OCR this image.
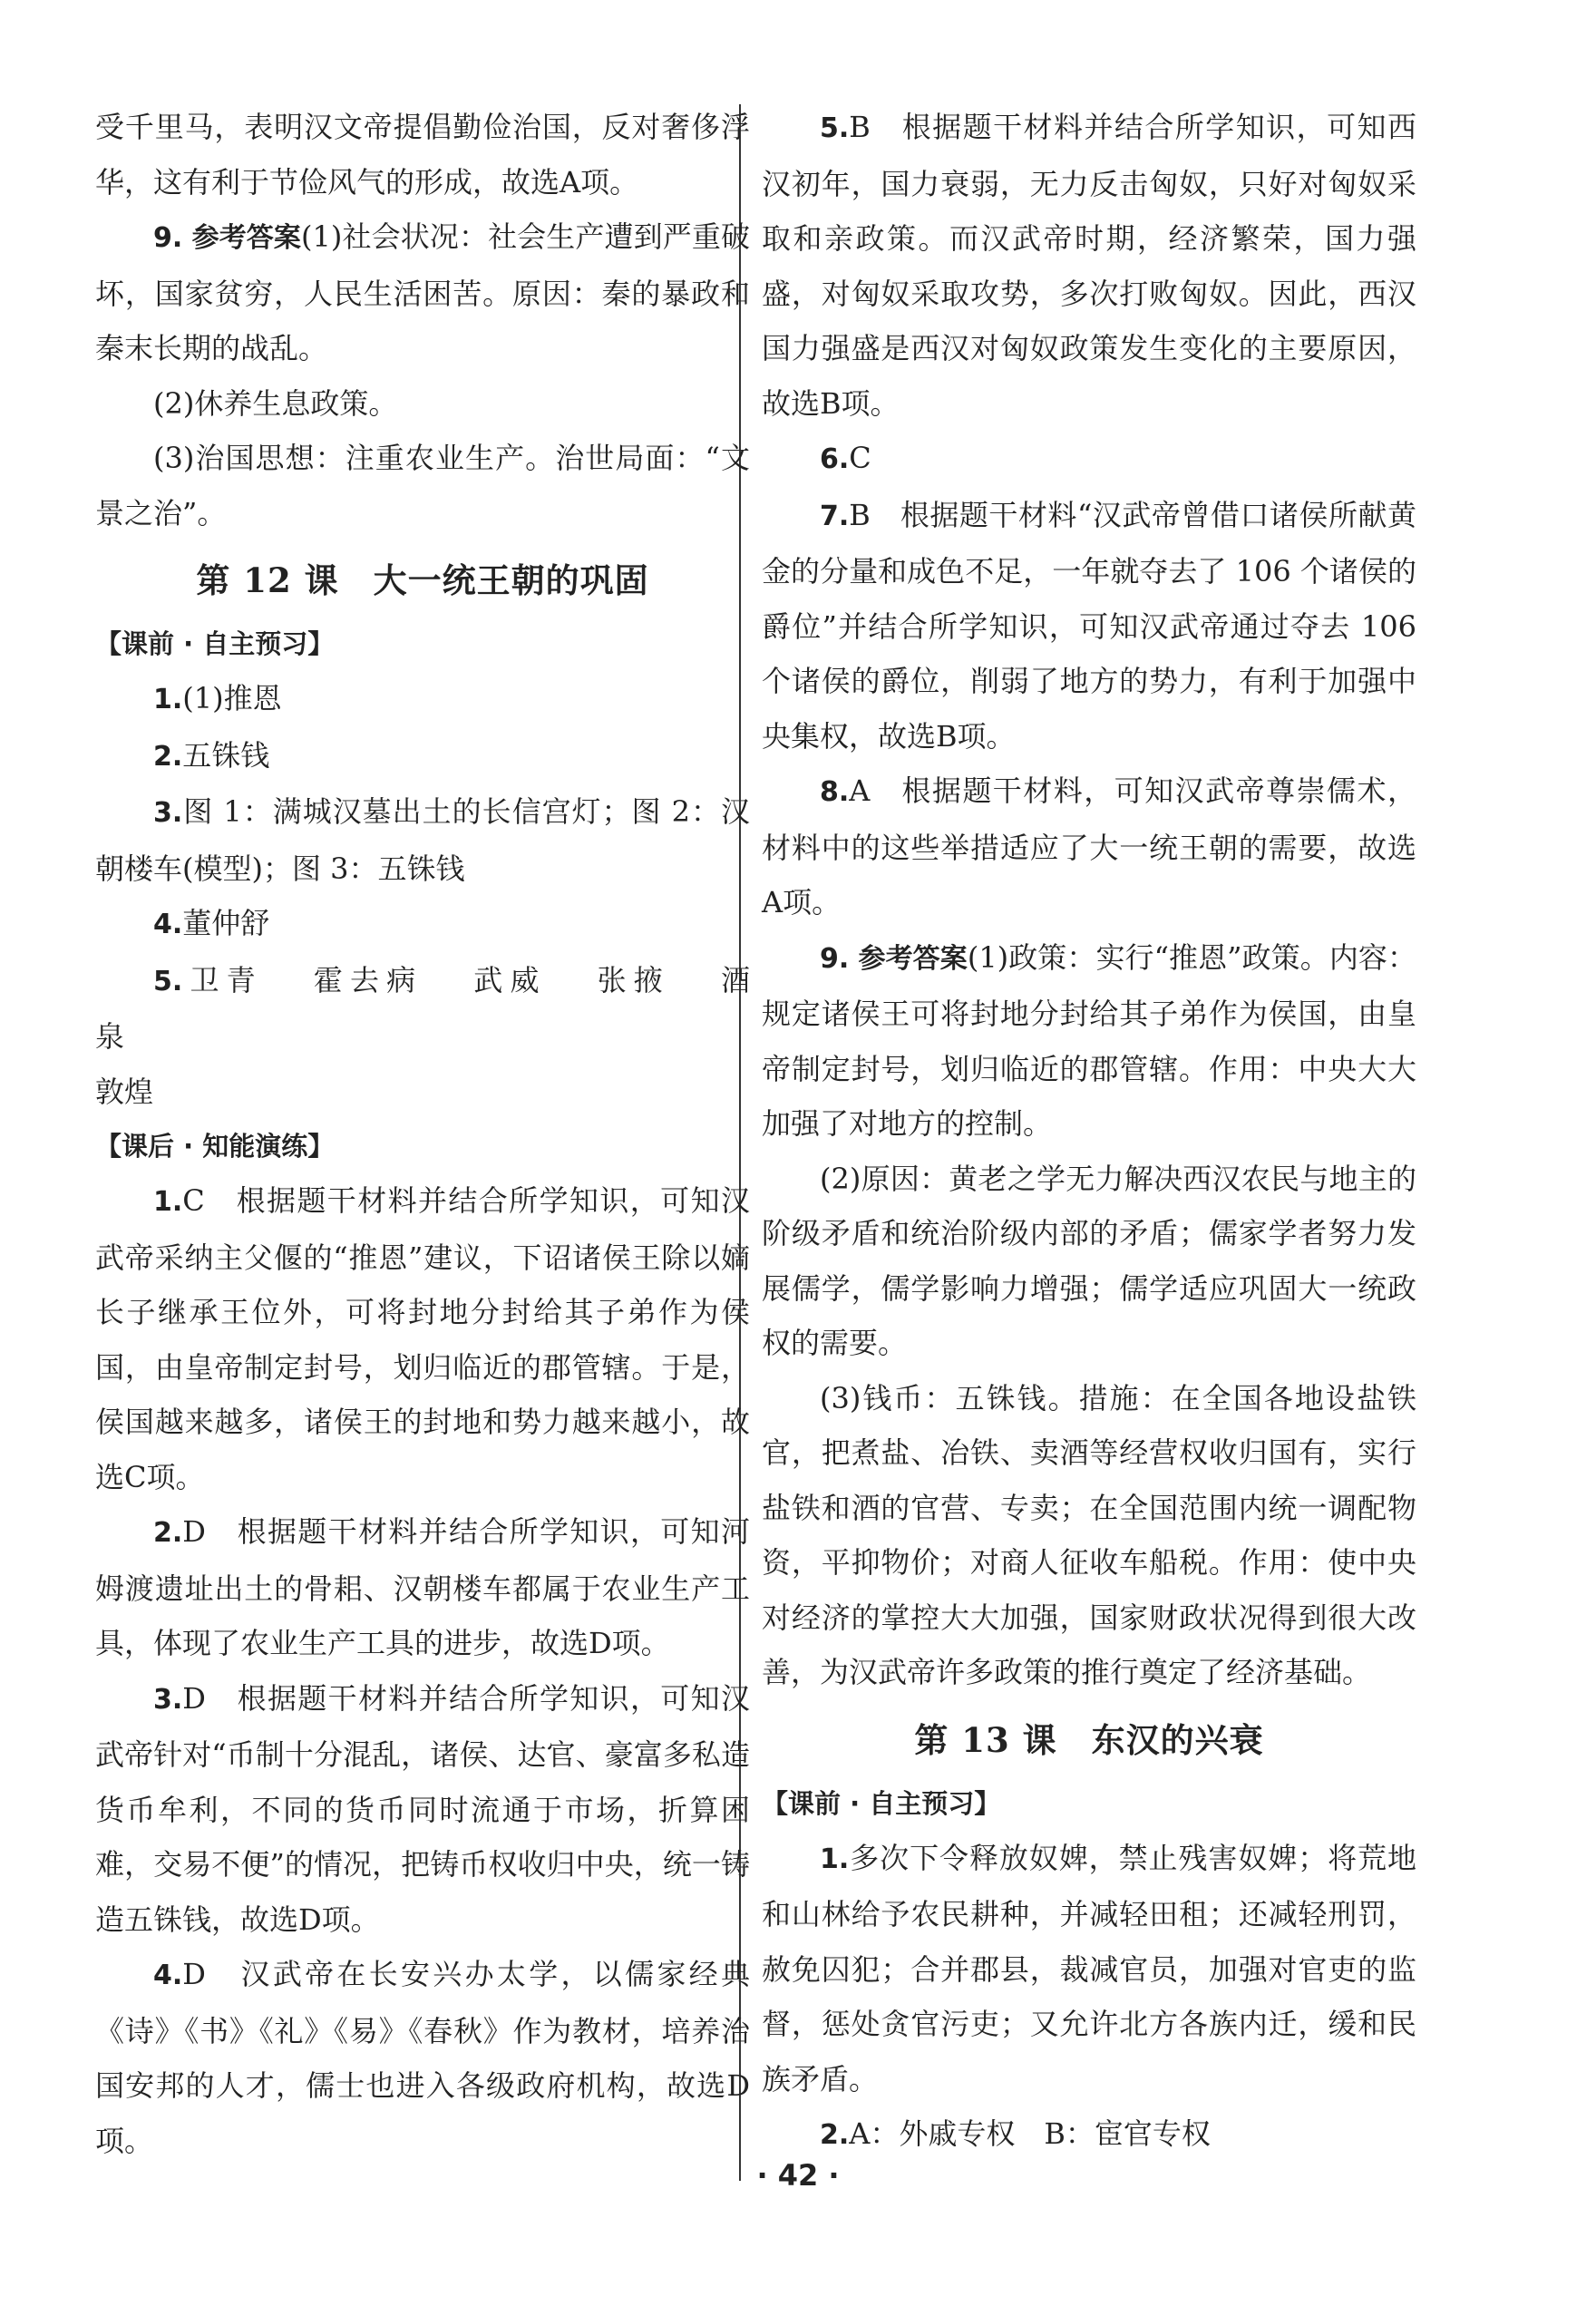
受千里马，表明汉文帝提倡勤俭治国，反对奢侈浮华，这有利于节俭风气的形成，故选A项。

9. 参考答案(1)社会状况：社会生产遭到严重破坏，国家贫穷，人民生活困苦。原因：秦的暴政和秦末长期的战乱。

(2)休养生息政策。

(3)治国思想：注重农业生产。治世局面：“文景之治”。

第 12 课　大一统王朝的巩固
【课前 · 自主预习】

1.(1)推恩

2.五铢钱

3.图 1：满城汉墓出土的长信宫灯；图 2：汉朝楼车(模型)；图 3：五铢钱

4.董仲舒

5.卫青 霍去病 武威 张掖 酒泉

敦煌

【课后 · 知能演练】

1.C　 根据题干材料并结合所学知识，可知汉武帝采纳主父偃的“推恩”建议，下诏诸侯王除以嫡长子继承王位外，可将封地分封给其子弟作为侯国，由皇帝制定封号，划归临近的郡管辖。于是，侯国越来越多，诸侯王的封地和势力越来越小，故选C项。

2.D　 根据题干材料并结合所学知识，可知河姆渡遗址出土的骨耜、汉朝楼车都属于农业生产工具，体现了农业生产工具的进步，故选D项。

3.D　 根据题干材料并结合所学知识，可知汉武帝针对“币制十分混乱，诸侯、达官、豪富多私造货币牟利，不同的货币同时流通于市场，折算困难，交易不便”的情况，把铸币权收归中央，统一铸造五铢钱，故选D项。

4.D　 汉武帝在长安兴办太学，以儒家经典《诗》《书》《礼》《易》《春秋》作为教材，培养治国安邦的人才，儒士也进入各级政府机构，故选D项。

5.B　 根据题干材料并结合所学知识，可知西汉初年，国力衰弱，无力反击匈奴，只好对匈奴采取和亲政策。而汉武帝时期，经济繁荣，国力强盛，对匈奴采取攻势，多次打败匈奴。因此，西汉国力强盛是西汉对匈奴政策发生变化的主要原因，故选B项。

6.C

7.B　 根据题干材料“汉武帝曾借口诸侯所献黄金的分量和成色不足，一年就夺去了 106 个诸侯的爵位”并结合所学知识，可知汉武帝通过夺去 106 个诸侯的爵位，削弱了地方的势力，有利于加强中央集权，故选B项。

8.A　 根据题干材料，可知汉武帝尊崇儒术，材料中的这些举措适应了大一统王朝的需要，故选A项。

9. 参考答案(1)政策：实行“推恩”政策。内容：规定诸侯王可将封地分封给其子弟作为侯国，由皇帝制定封号，划归临近的郡管辖。作用：中央大大加强了对地方的控制。

(2)原因：黄老之学无力解决西汉农民与地主的阶级矛盾和统治阶级内部的矛盾；儒家学者努力发展儒学，儒学影响力增强；儒学适应巩固大一统政权的需要。

(3)钱币：五铢钱。措施：在全国各地设盐铁官，把煮盐、冶铁、卖酒等经营权收归国有，实行盐铁和酒的官营、专卖；在全国范围内统一调配物资，平抑物价；对商人征收车船税。作用：使中央对经济的掌控大大加强，国家财政状况得到很大改善，为汉武帝许多政策的推行奠定了经济基础。

第 13 课　东汉的兴衰
【课前 · 自主预习】

1.多次下令释放奴婢，禁止残害奴婢；将荒地和山林给予农民耕种，并减轻田租；还减轻刑罚，赦免囚犯；合并郡县，裁减官员，加强对官吏的监督，惩处贪官污吏；又允许北方各族内迁，缓和民族矛盾。

2.A：外戚专权　B：宦官专权

· 42 ·
